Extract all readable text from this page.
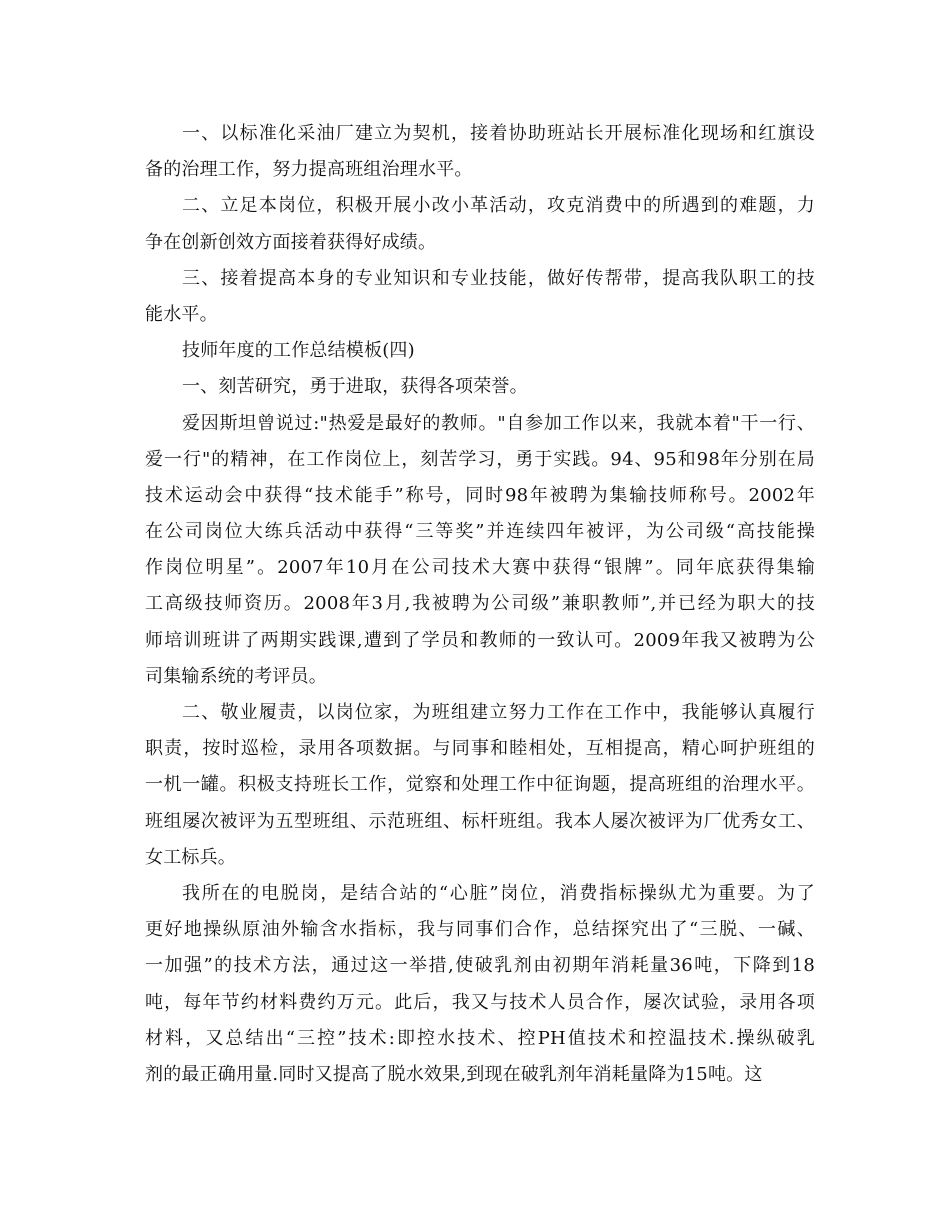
一、以标准化采油厂建立为契机，接着协助班站长开展标准化现场和红旗设
备的治理工作，努力提高班组治理水平。
二、立足本岗位，积极开展小改小革活动，攻克消费中的所遇到的难题，力
争在创新创效方面接着获得好成绩。
三、接着提高本身的专业知识和专业技能，做好传帮带，提高我队职工的技
能水平。
技师年度的工作总结模板(四)
一、刻苦研究，勇于进取，获得各项荣誉。
爱因斯坦曾说过:"热爱是最好的教师。"自参加工作以来，我就本着"干一行、
爱一行"的精神，在工作岗位上，刻苦学习，勇于实践。94、95和98年分别在局
技术运动会中获得“技术能手”称号，同时98年被聘为集输技师称号。2002年
在公司岗位大练兵活动中获得“三等奖”并连续四年被评，为公司级“高技能操
作岗位明星”。2007年10月在公司技术大赛中获得“银牌”。同年底获得集输
工高级技师资历。2008年3月,我被聘为公司级”兼职教师”,并已经为职大的技
师培训班讲了两期实践课,遭到了学员和教师的一致认可。2009年我又被聘为公
司集输系统的考评员。
二、敬业履责，以岗位家，为班组建立努力工作在工作中，我能够认真履行
职责，按时巡检，录用各项数据。与同事和睦相处，互相提高，精心呵护班组的
一机一罐。积极支持班长工作，觉察和处理工作中征询题，提高班组的治理水平。
班组屡次被评为五型班组、示范班组、标杆班组。我本人屡次被评为厂优秀女工、
女工标兵。
我所在的电脱岗，是结合站的“心脏”岗位，消费指标操纵尤为重要。为了
更好地操纵原油外输含水指标，我与同事们合作，总结探究出了“三脱、一碱、
一加强”的技术方法，通过这一举措,使破乳剂由初期年消耗量36吨，下降到18
吨，每年节约材料费约万元。此后，我又与技术人员合作，屡次试验，录用各项
材料，又总结出“三控”技术:即控水技术、控PH值技术和控温技术.操纵破乳
剂的最正确用量.同时又提高了脱水效果,到现在破乳剂年消耗量降为15吨。这
